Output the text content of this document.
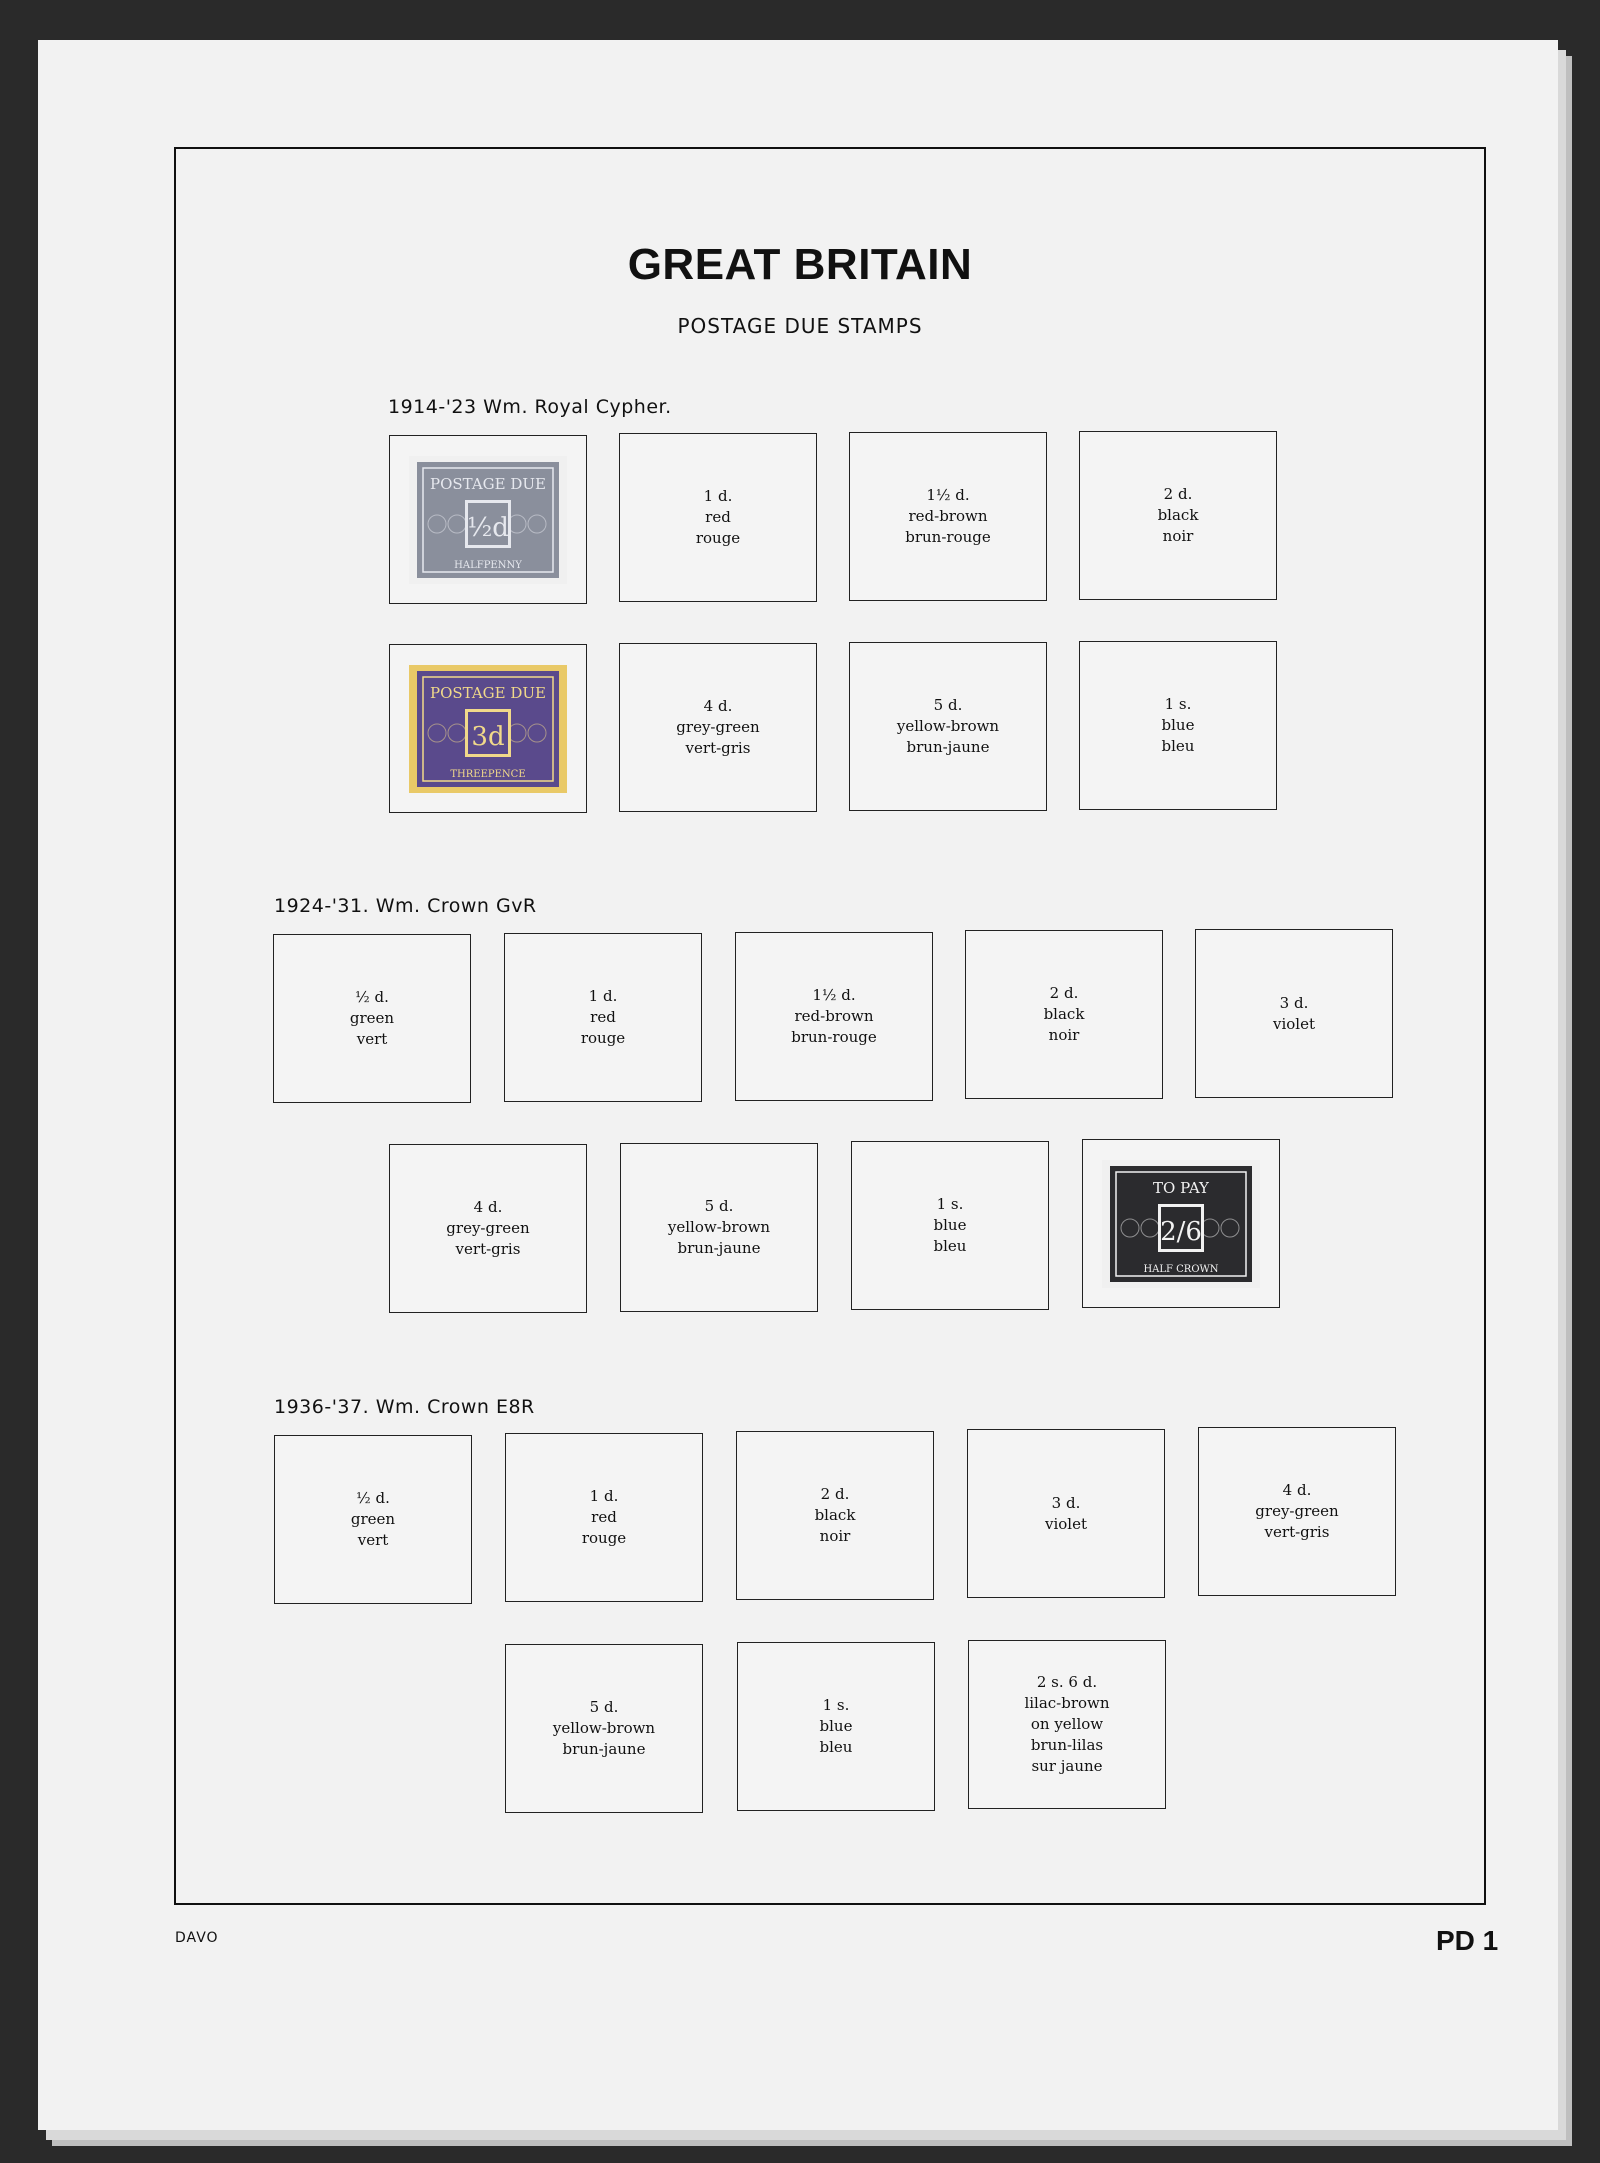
GREAT BRITAIN
POSTAGE DUE STAMPS
1914-'23 Wm. Royal Cypher.
1924-'31. Wm. Crown GvR
1936-'37. Wm. Crown E8R
POSTAGE DUE
½d
HALFPENNY
1 d.
red
rouge
1½ d.
red-brown
brun-rouge
2 d.
black
noir
POSTAGE DUE
3d
THREEPENCE
4 d.
grey-green
vert-gris
5 d.
yellow-brown
brun-jaune
1 s.
blue
bleu
½ d.
green
vert
1 d.
red
rouge
1½ d.
red-brown
brun-rouge
2 d.
black
noir
3 d.
violet
4 d.
grey-green
vert-gris
5 d.
yellow-brown
brun-jaune
1 s.
blue
bleu
TO PAY
2/6
HALF CROWN
½ d.
green
vert
1 d.
red
rouge
2 d.
black
noir
3 d.
violet
4 d.
grey-green
vert-gris
5 d.
yellow-brown
brun-jaune
1 s.
blue
bleu
2 s. 6 d.
lilac-brown
on yellow
brun-lilas
sur jaune
DAVO	PD 1
